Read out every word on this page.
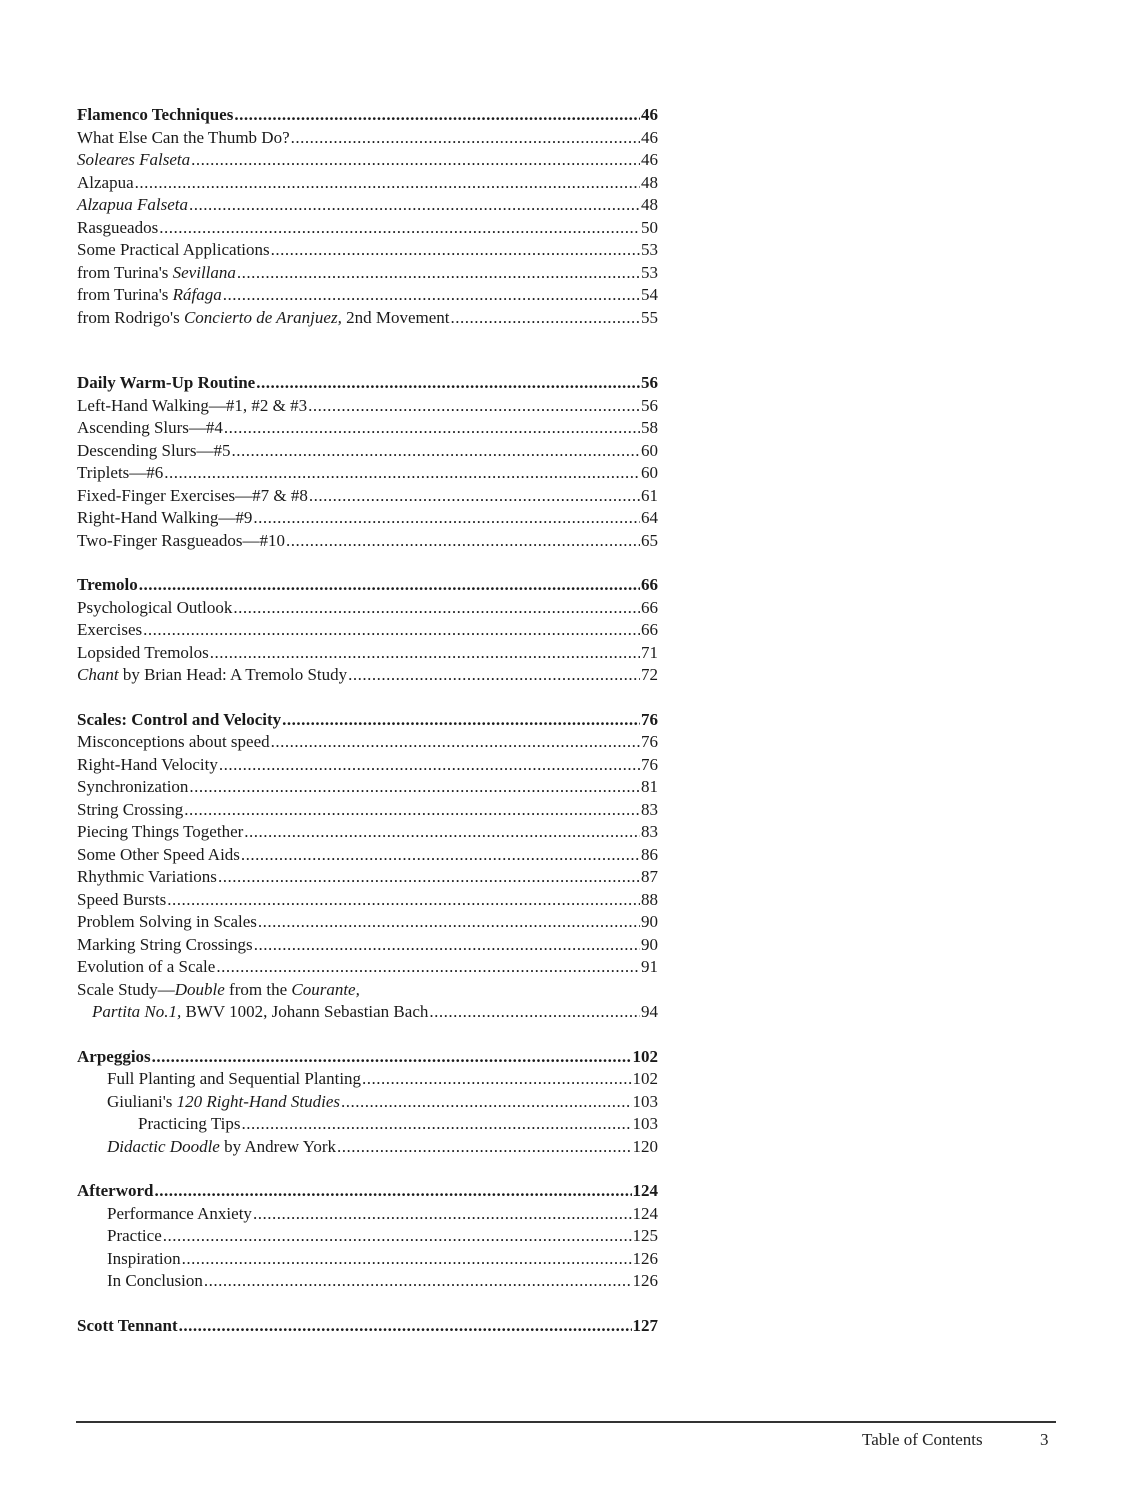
Flamenco Techniques .....	46
What Else Can the Thumb Do? .....	46
Soleares Falseta .....	46
Alzapua .....	48
Alzapua Falseta .....	48
Rasgueados .....	50
Some Practical Applications .....	53
from Turina's Sevillana .....	53
from Turina's Ráfaga .....	54
from Rodrigo's Concierto de Aranjuez, 2nd Movement .....	55
Daily Warm-Up Routine .....	56
Left-Hand Walking—#1, #2 & #3 .....	56
Ascending Slurs—#4 .....	58
Descending Slurs—#5 .....	60
Triplets—#6 .....	60
Fixed-Finger Exercises—#7 & #8 .....	61
Right-Hand Walking—#9 .....	64
Two-Finger Rasgueados—#10 .....	65
Tremolo .....	66
Psychological Outlook .....	66
Exercises .....	66
Lopsided Tremolos .....	71
Chant by Brian Head: A Tremolo Study .....	72
Scales: Control and Velocity .....	76
Misconceptions about speed .....	76
Right-Hand Velocity .....	76
Synchronization .....	81
String Crossing .....	83
Piecing Things Together .....	83
Some Other Speed Aids .....	86
Rhythmic Variations .....	87
Speed Bursts .....	88
Problem Solving in Scales .....	90
Marking String Crossings .....	90
Evolution of a Scale .....	91
Scale Study—Double from the Courante,
Partita No.1, BWV 1002, Johann Sebastian Bach .....	94
Arpeggios .....	102
Full Planting and Sequential Planting .....	102
Giuliani's 120 Right-Hand Studies .....	103
Practicing Tips .....	103
Didactic Doodle by Andrew York .....	120
Afterword .....	124
Performance Anxiety .....	124
Practice .....	125
Inspiration .....	126
In Conclusion .....	126
Scott Tennant .....	127
Table of Contents	3
